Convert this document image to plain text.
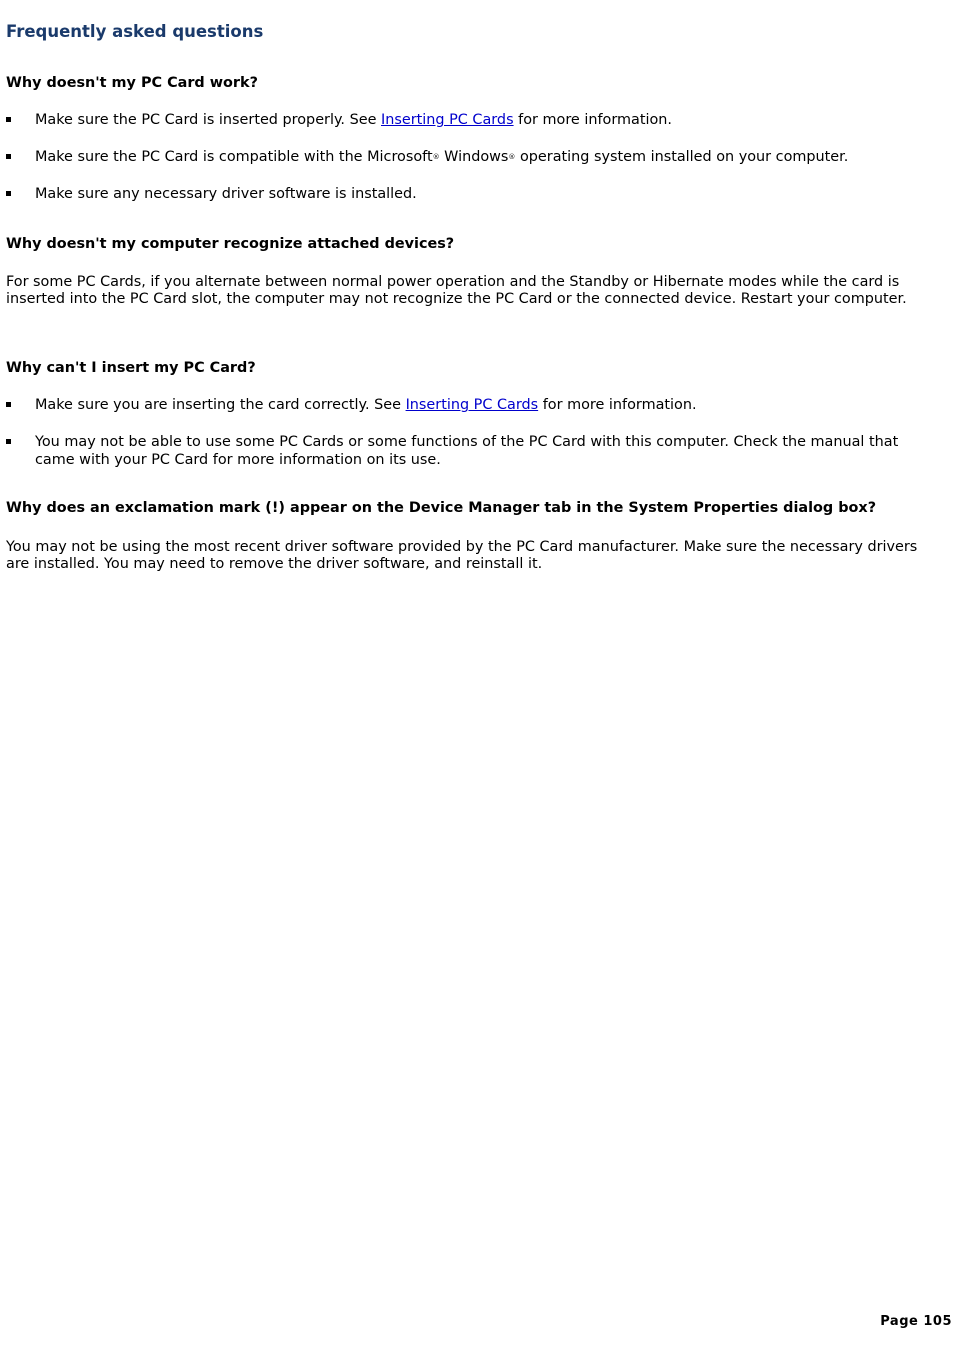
Frequently asked questions
Why doesn't my PC Card work?
Make sure the PC Card is inserted properly. See Inserting PC Cards for more information.
Make sure the PC Card is compatible with the Microsoft® Windows® operating system installed on your computer.
Make sure any necessary driver software is installed.
Why doesn't my computer recognize attached devices?

For some PC Cards, if you alternate between normal power operation and the Standby or Hibernate modes while the card is inserted into the PC Card slot, the computer may not recognize the PC Card or the connected device. Restart your computer.

Why can't I insert my PC Card?
Make sure you are inserting the card correctly. See Inserting PC Cards for more information.
You may not be able to use some PC Cards or some functions of the PC Card with this computer. Check the manual that came with your PC Card for more information on its use.
Why does an exclamation mark (!) appear on the Device Manager tab in the System Properties dialog box?

You may not be using the most recent driver software provided by the PC Card manufacturer. Make sure the necessary drivers are installed. You may need to remove the driver software, and reinstall it.

Page 105
